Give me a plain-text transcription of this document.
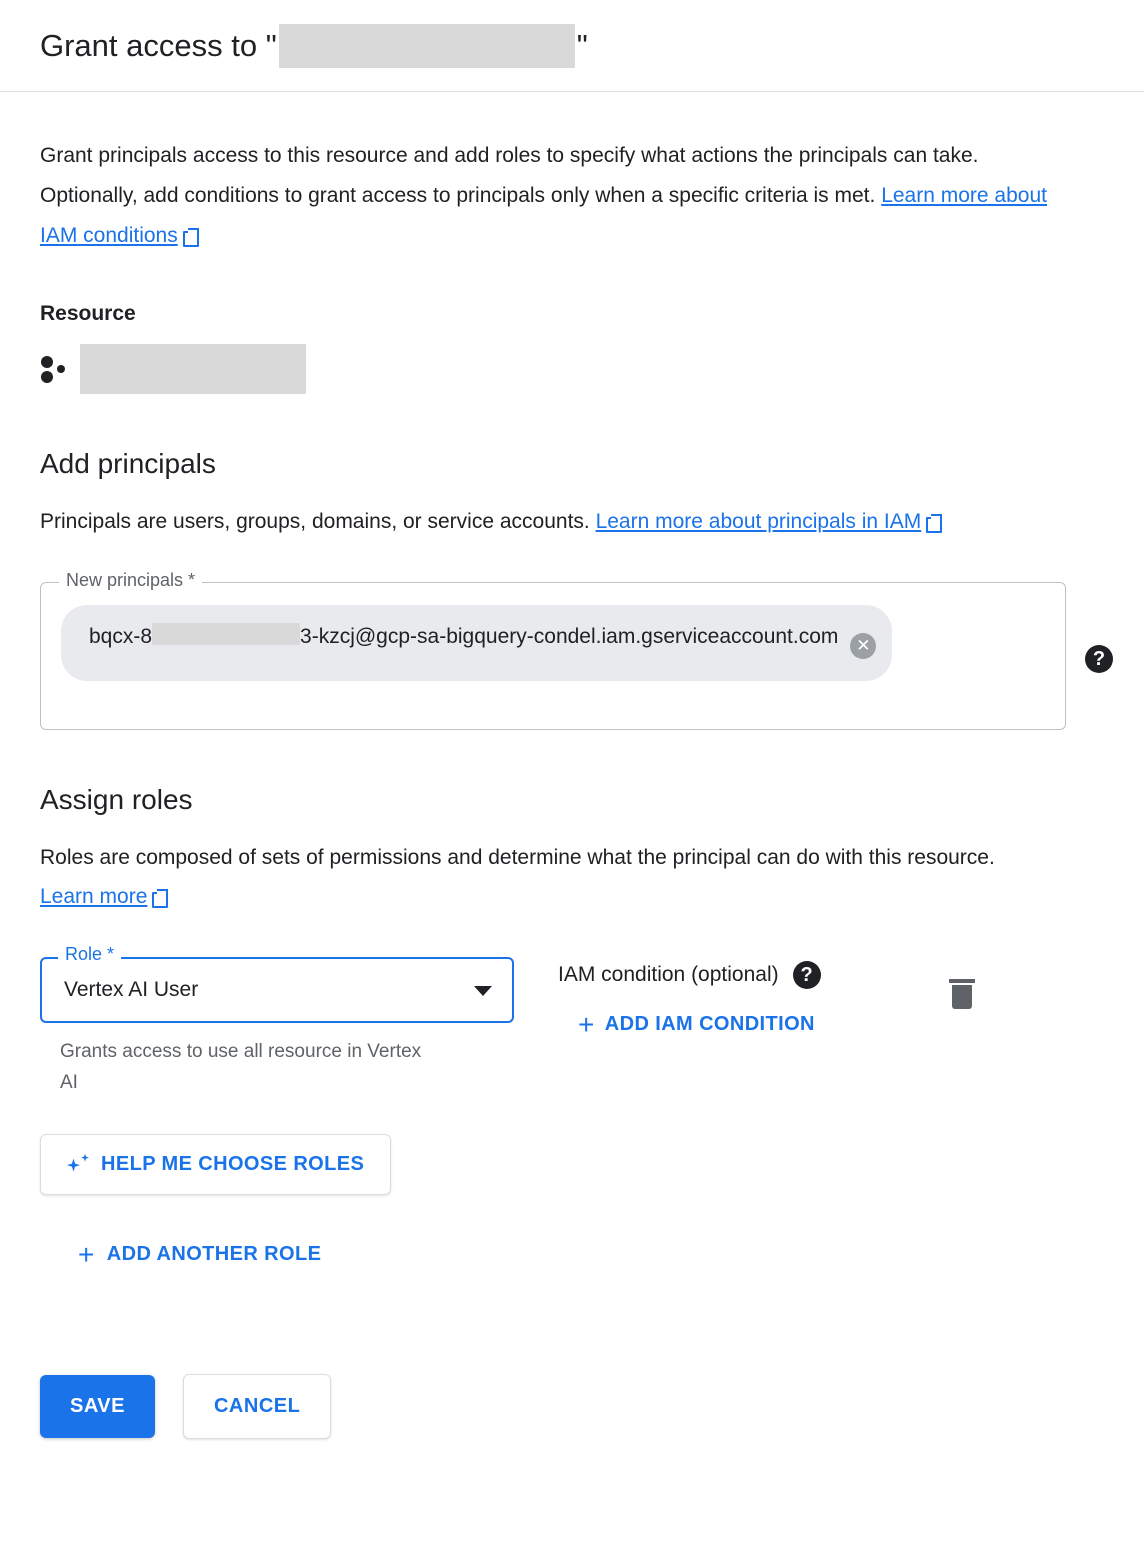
Grant access to "	"

Grant principals access to this resource and add roles to specify what actions the principals can take. Optionally, add conditions to grant access to principals only when a specific criteria is met. Learn more about IAM conditions

Resource
Add principals

Principals are users, groups, domains, or service accounts. Learn more about principals in IAM

New principals *
bqcx-8	3-kzcj@gcp-sa-bigquery-condel.iam.gserviceaccount.com	✕
?
Assign roles

Roles are composed of sets of permissions and determine what the principal can do with this resource. Learn more

Role *
Vertex AI User
Grants access to use all resource in Vertex AI
IAM condition (optional)	?
+ ADD IAM CONDITION
HELP ME CHOOSE ROLES
+ ADD ANOTHER ROLE
SAVE	CANCEL
